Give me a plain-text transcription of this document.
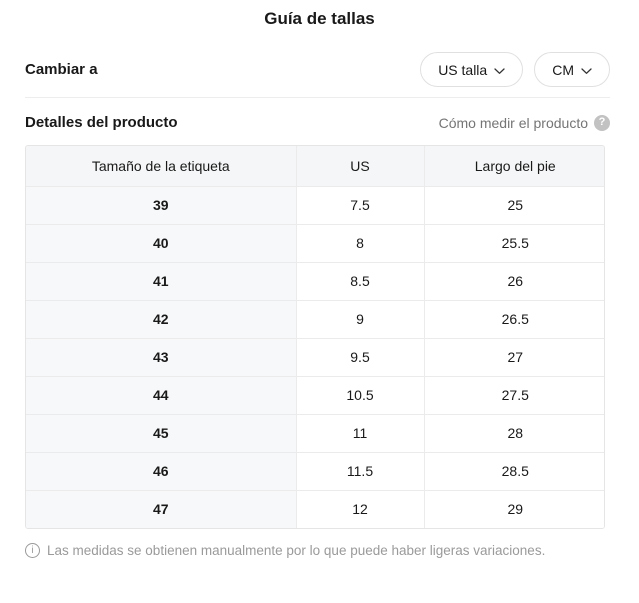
Guía de tallas
Cambiar a	US talla	CM
Detalles del producto	Cómo medir el producto ?
Tamaño de la etiqueta	US	Largo del pie
39	7.5	25
40	8	25.5
41	8.5	26
42	9	26.5
43	9.5	27
44	10.5	27.5
45	11	28
46	11.5	28.5
47	12	29
i Las medidas se obtienen manualmente por lo que puede haber ligeras variaciones.
